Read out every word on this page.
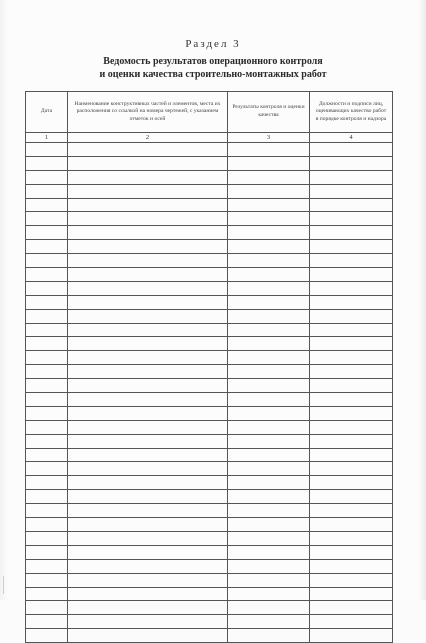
Раздел 3
Ведомость результатов операционного контроля
и оценки качества строительно-монтажных работ
Дата	Наименование конструктивных частей и элементов, места их расположения со ссылкой на номера чертежей, с указанием отметок и осей	Результаты контроля и оценки качества	Должности и подписи лиц, оценивающих качество работ в порядке контроля и надзора
1	2	3	4
